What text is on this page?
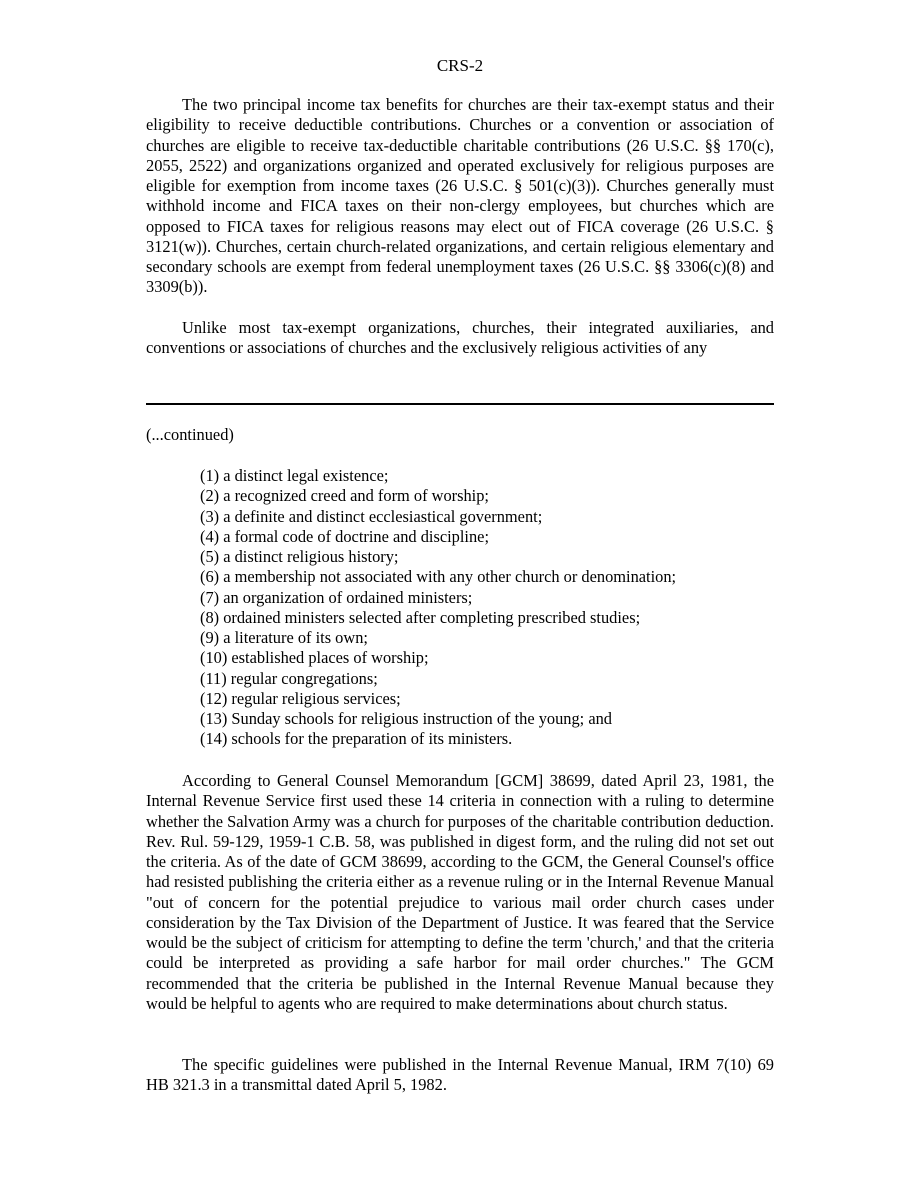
CRS-2

The two principal income tax benefits for churches are their tax-exempt status and their eligibility to receive deductible contributions. Churches or a convention or association of churches are eligible to receive tax-deductible charitable contributions (26 U.S.C. §§ 170(c), 2055, 2522) and organizations organized and operated exclusively for religious purposes are eligible for exemption from income taxes (26 U.S.C. § 501(c)(3)). Churches generally must withhold income and FICA taxes on their non-clergy employees, but churches which are opposed to FICA taxes for religious reasons may elect out of FICA coverage (26 U.S.C. § 3121(w)). Churches, certain church-related organizations, and certain religious elementary and secondary schools are exempt from federal unemployment taxes (26 U.S.C. §§ 3306(c)(8) and 3309(b)).

Unlike most tax-exempt organizations, churches, their integrated auxiliaries, and conventions or associations of churches and the exclusively religious activities of any

(...continued)
(1) a distinct legal existence;
(2) a recognized creed and form of worship;
(3) a definite and distinct ecclesiastical government;
(4) a formal code of doctrine and discipline;
(5) a distinct religious history;
(6) a membership not associated with any other church or denomination;
(7) an organization of ordained ministers;
(8) ordained ministers selected after completing prescribed studies;
(9) a literature of its own;
(10) established places of worship;
(11) regular congregations;
(12) regular religious services;
(13) Sunday schools for religious instruction of the young; and
(14) schools for the preparation of its ministers.

According to General Counsel Memorandum [GCM] 38699, dated April 23, 1981, the Internal Revenue Service first used these 14 criteria in connection with a ruling to determine whether the Salvation Army was a church for purposes of the charitable contribution deduction. Rev. Rul. 59-129, 1959-1 C.B. 58, was published in digest form, and the ruling did not set out the criteria. As of the date of GCM 38699, according to the GCM, the General Counsel's office had resisted publishing the criteria either as a revenue ruling or in the Internal Revenue Manual "out of concern for the potential prejudice to various mail order church cases under consideration by the Tax Division of the Department of Justice. It was feared that the Service would be the subject of criticism for attempting to define the term 'church,' and that the criteria could be interpreted as providing a safe harbor for mail order churches." The GCM recommended that the criteria be published in the Internal Revenue Manual because they would be helpful to agents who are required to make determinations about church status.

The specific guidelines were published in the Internal Revenue Manual, IRM 7(10) 69 HB 321.3 in a transmittal dated April 5, 1982.
